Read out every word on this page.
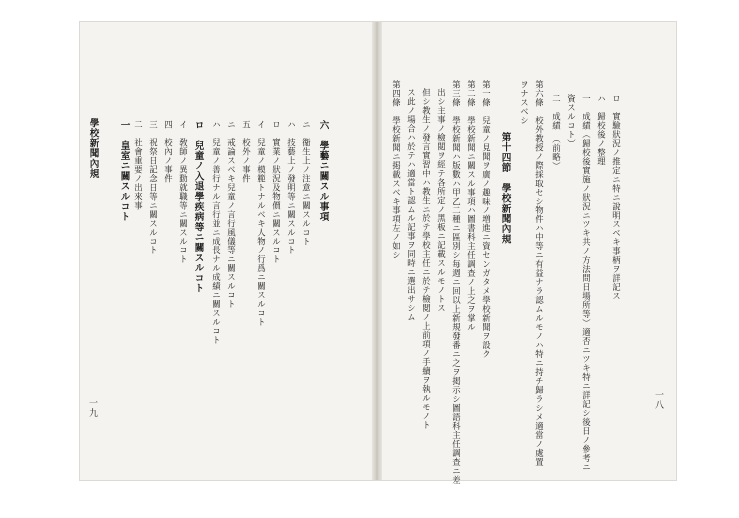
學校新聞內規 一　皇室ニ關スルコト 二　社會重要ノ出來事 三　祝祭日記念日等ニ關スルコト 四　校內ノ事件 イ　敎師ノ異動就職等ニ關スルコト ロ　兒童ノ入退學疾病等ニ關スルコト ハ　兒童ノ善行ナル言行並ニ成長ナル成績ニ關スルコト ニ　戒論スベキ兒童ノ言行風儀等ニ關スルコト 五　校外ノ事件 イ　兒童ノ模範トナルベキ人物ノ行爲ニ關スルコト ロ　實業ノ狀況及物價ニ關スルコト ハ　技藝上ノ發明等ニ關スルコト ニ　衞生上ノ注意ニ關スルコト 六　學藝ニ關スル事項
一九
第四條　學校新聞ニ掲載スベキ事項左ノ如シ ス此ノ場合ハ於テハ適當ト認ムル記事ヲ同時ニ選出サシム 但シ教生ノ發言實習中ハ教生ニ於テ學校主任ニ於テ檢閲ノ上前項ノ手續ヲ執ルモノト 出シ主事ノ檢閲ヲ經テ各所定ノ黑板ニ記載スルモノトス 第三條　學校新聞ハ版數ハ甲乙二種ニ區別シ每週ニ回以上新規發番ニ之ヲ掲示シ圖語科主任調查ニ差 第二條　學校新聞ニ關スル事項ハ圖書科主任調查ノ上之ヲ掌ル 第一條　兒童ノ見聞ヲ廣ノ趣味ノ増進ニ資センガタメ學校新聞ヲ設ク 第十四節　學校新聞內規
ヲナスベシ 第六條　校外教授ノ際採取セシ物件ハ中等ニ有益ナラ認ムルモノハ特ニ持チ歸ラシメ適當ノ處置 二　成績　（前略） 資スルコト） 一　成績（歸校後實施ノ狀況ニツキ共ノ方法問日場所等）適否ニツキ特ニ詳記シ後日ノ參考ニ ハ　歸校後ノ整理 ロ　實驗狀況ノ推定ニ特ニ說明スベキ事柄ヲ詳記ス
一八
